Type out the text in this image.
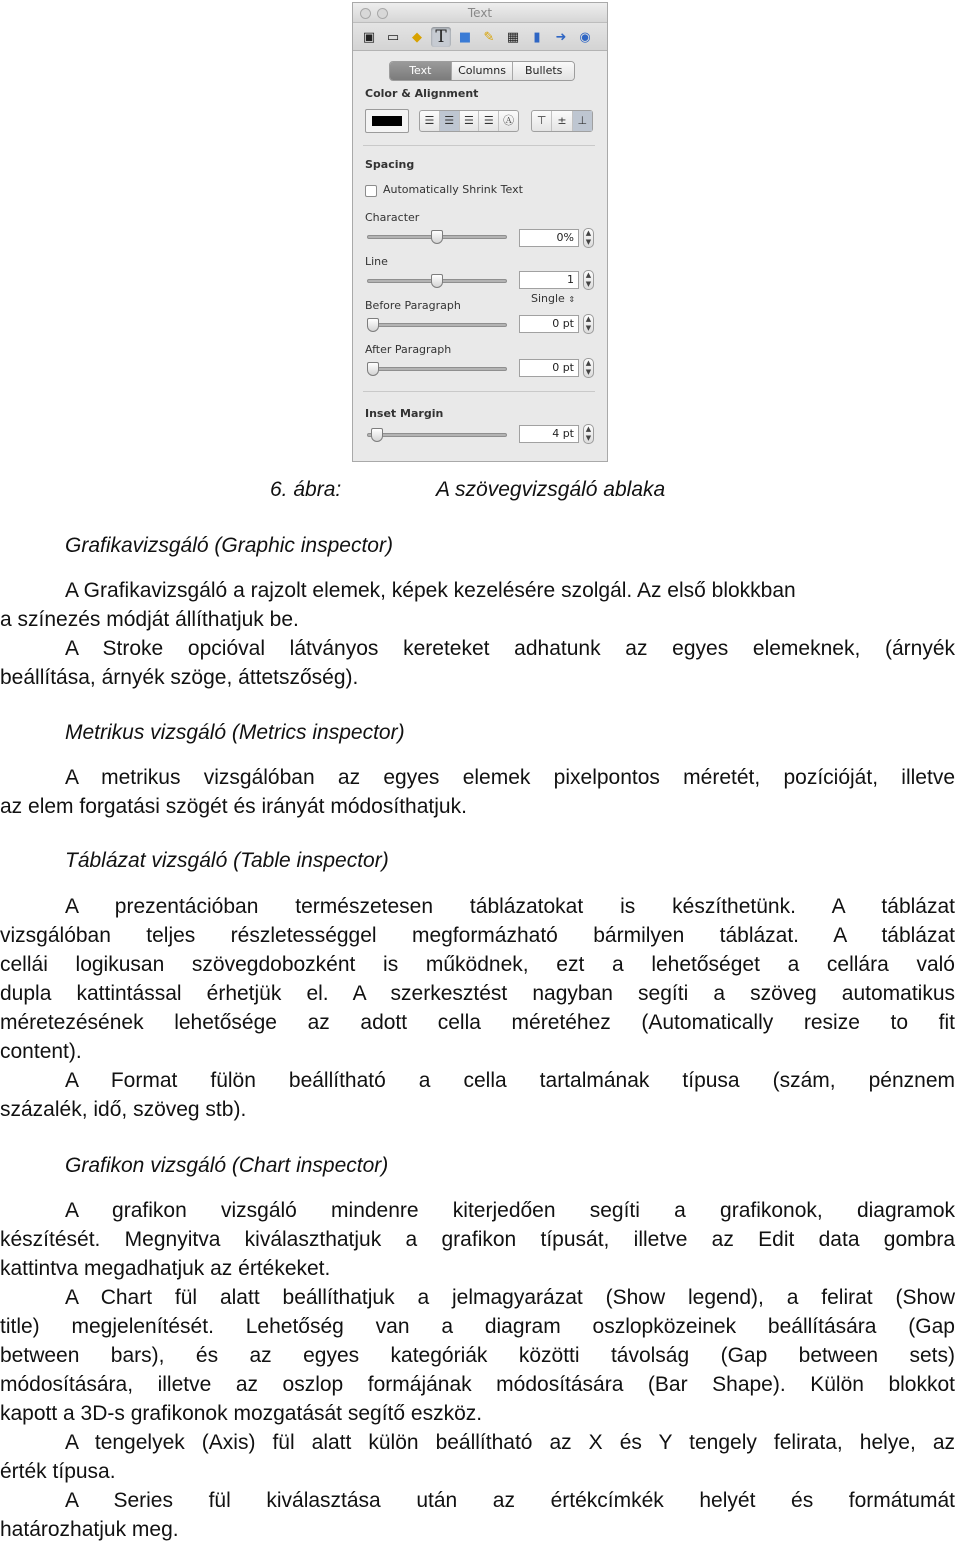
Text
▣ ▭ ◆ T ■ ✎ ▦	▮	➜ ◉
Text	Columns	Bullets
Color & Alignment
☰ ☰ ☰ ☰ Ⓐ	⊤ ± ⊥
Spacing
Automatically Shrink Text
Character
0%	▲
▼
Line
1	▲
▼
Single ⇕
Before Paragraph
0 pt	▲
▼
After Paragraph
0 pt	▲
▼
Inset Margin
4 pt	▲
▼
6. ábra:	A szövegvizsgáló ablaka
Grafikavizsgáló (Graphic inspector)
A Grafikavizsgáló a rajzolt elemek, képek kezelésére szolgál. Az első blokkban
a színezés módját állíthatjuk be.
A Stroke opcióval látványos kereteket adhatunk az egyes elemeknek, (árnyék
beállítása, árnyék szöge, áttetszőség).
Metrikus vizsgáló (Metrics inspector)
A metrikus vizsgálóban az egyes elemek pixelpontos méretét, pozícióját, illetve
az elem forgatási szögét és irányát módosíthatjuk.
Táblázat vizsgáló (Table inspector)
A prezentációban természetesen táblázatokat is készíthetünk. A táblázat
vizsgálóban teljes részletességgel megformázható bármilyen táblázat. A táblázat
cellái logikusan szövegdobozként is működnek, ezt a lehetőséget a cellára való
dupla kattintással érhetjük el. A szerkesztést nagyban segíti a szöveg automatikus
méretezésének lehetősége az adott cella méretéhez (Automatically resize to fit
content).
A Format fülön beállítható a cella tartalmának típusa (szám, pénznem
százalék, idő, szöveg stb).
Grafikon vizsgáló (Chart inspector)
A grafikon vizsgáló mindenre kiterjedően segíti a grafikonok, diagramok
készítését. Megnyitva kiválaszthatjuk a grafikon típusát, illetve az Edit data gombra
kattintva megadhatjuk az értékeket.
A Chart fül alatt beállíthatjuk a jelmagyarázat (Show legend), a felirat (Show
title) megjelenítését. Lehetőség van a diagram oszlopközeinek beállítására (Gap
between bars), és az egyes kategóriák közötti távolság (Gap between sets)
módosítására, illetve az oszlop formájának módosítására (Bar Shape). Külön blokkot
kapott a 3D-s grafikonok mozgatását segítő eszköz.
A tengelyek (Axis) fül alatt külön beállítható az X és Y tengely felirata, helye, az
érték típusa.
A Series fül kiválasztása után az értékcímkék helyét és formátumát
határozhatjuk meg.
